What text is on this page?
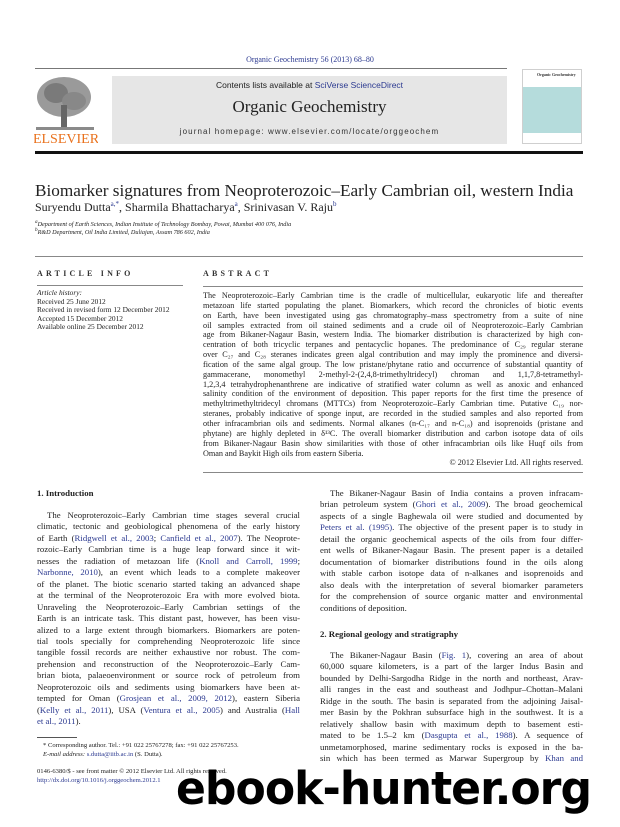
Organic Geochemistry 56 (2013) 68–80
ELSEVIER
Contents lists available at SciVerse ScienceDirect
Organic Geochemistry
journal homepage: www.elsevier.com/locate/orggeochem
Organic Geochemistry
Biomarker signatures from Neoproterozoic–Early Cambrian oil, western India
Suryendu Dutta$^{a,*}$, Sharmila Bhattacharya$^a$, Srinivasan V. Raju$^b$
$^a$Department of Earth Sciences, Indian Institute of Technology Bombay, Powai, Mumbai 400 076, India
$^b$R&D Department, Oil India Limited, Duliajan, Assam 786 602, India
ARTICLE INFO
Article history:
Received 25 June 2012
Received in revised form 12 December 2012
Accepted 15 December 2012
Available online 25 December 2012
ABSTRACT
The Neoproterozoic–Early Cambrian time is the cradle of multicellular, eukaryotic life and thereafter
metazoan life started populating the planet. Biomarkers, which record the chronicles of biotic events
on Earth, have been investigated using gas chromatography–mass spectrometry from a suite of nine
oil samples extracted from oil stained sediments and a crude oil of Neoproterozoic–Early Cambrian
age from Bikaner-Nagaur Basin, western India. The biomarker distribution is characterized by high con-
centration of both tricyclic terpanes and pentacyclic hopanes. The predominance of C₂₉ regular sterane
over C₂₇ and C₂₈ steranes indicates green algal contribution and may imply the prominence and diversi-
fication of the same algal group. The low pristane/phytane ratio and occurrence of substantial quantity of
gammacerane, monomethyl 2-methyl-2-(2,4,8-trimethyltridecyl) chroman and 1,1,7,8-tetramethyl-
1,2,3,4 tetrahydrophenanthrene are indicative of stratified water column as well as anoxic and enhanced
salinity condition of the environment of deposition. This paper reports for the first time the presence of
methyltrimethyltridecyl chromans (MTTCs) from Neoproterozoic–Early Cambrian time. Putative C₁₉ nor-
steranes, probably indicative of sponge input, are recorded in the studied samples and also reported from
other infracambrian oils and sediments. Normal alkanes (n-C₁₇ and n-C₁₈) and isoprenoids (pristane and
phytane) are highly depleted in δ¹³C. The overall biomarker distribution and carbon isotope data of oils
from Bikaner-Nagaur Basin show similarities with those of other infracambrian oils like Huqf oils from
Oman and Baykit High oils from eastern Siberia.
© 2012 Elsevier Ltd. All rights reserved.
1. Introduction
The Neoproterozoic–Early Cambrian time stages several crucial
climatic, tectonic and geobiological phenomena of the early history
of Earth (Ridgwell et al., 2003; Canfield et al., 2007). The Neoprote-
rozoic–Early Cambrian time is a huge leap forward since it wit-
nesses the radiation of metazoan life (Knoll and Carroll, 1999;
Narbonne, 2010), an event which leads to a complete makeover
of the planet. The biotic scenario started taking an advanced shape
at the terminal of the Neoproterozoic Era with more evolved biota.
Unraveling the Neoproterozoic–Early Cambrian settings of the
Earth is an intricate task. This distant past, however, has been visu-
alized to a large extent through biomarkers. Biomarkers are poten-
tial tools specially for comprehending Neoproterozoic life since
tangible fossil records are neither exhaustive nor robust. The com-
prehension and reconstruction of the Neoproterozoic–Early Cam-
brian biota, palaeoenvironment or source rock of petroleum from
Neoproterozoic oils and sediments using biomarkers have been at-
tempted for Oman (Grosjean et al., 2009, 2012), eastern Siberia
(Kelly et al., 2011), USA (Ventura et al., 2005) and Australia (Hall
et al., 2011).
The Bikaner-Nagaur Basin of India contains a proven infracam-
brian petroleum system (Ghori et al., 2009). The broad geochemical
aspects of a single Baghewala oil were studied and documented by
Peters et al. (1995). The objective of the present paper is to study in
detail the organic geochemical aspects of the oils from four differ-
ent wells of Bikaner-Nagaur Basin. The present paper is a detailed
documentation of biomarker distributions found in the oils along
with stable carbon isotope data of n-alkanes and isoprenoids and
also deals with the interpretation of several biomarker parameters
for the comprehension of source organic matter and environmental
conditions of deposition.
2. Regional geology and stratigraphy
The Bikaner-Nagaur Basin (Fig. 1), covering an area of about
60,000 square kilometers, is a part of the larger Indus Basin and
bounded by Delhi-Sargodha Ridge in the north and northeast, Arav-
alli ranges in the east and southeast and Jodhpur–Chottan–Malani
Ridge in the south. The basin is separated from the adjoining Jaisal-
mer Basin by the Pokhran subsurface high in the southwest. It is a
relatively shallow basin with maximum depth to basement esti-
mated to be 1.5–2 km (Dasgupta et al., 1988). A sequence of
unmetamorphosed, marine sedimentary rocks is exposed in the ba-
sin which has been termed as Marwar Supergroup by Khan and
* Corresponding author. Tel.: +91 022 25767278; fax: +91 022 25767253.
E-mail address: s.dutta@iitb.ac.in (S. Dutta).
0146-6380/$ - see front matter © 2012 Elsevier Ltd. All rights reserved.
http://dx.doi.org/10.1016/j.orggeochem.2012.1 ebook-hunter.org
